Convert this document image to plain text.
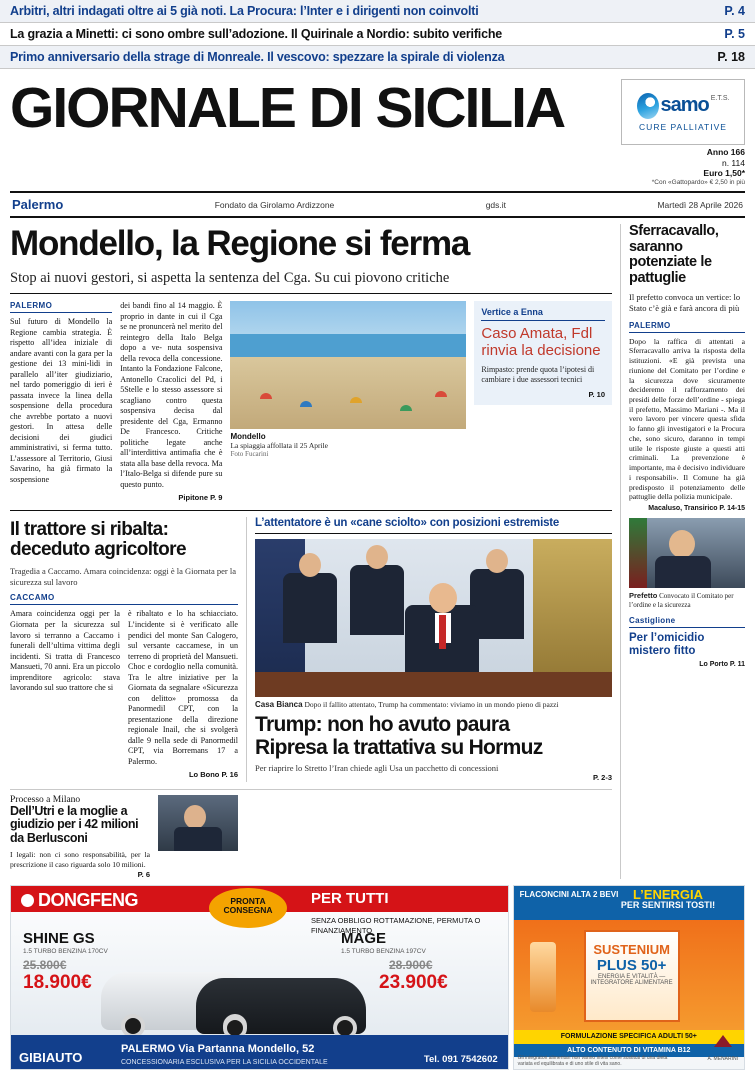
Arbitri, altri indagati oltre ai 5 già noti. La Procura: l’Inter e i dirigenti non coinvolti	P. 4
La grazia a Minetti: ci sono ombre sull’adozione. Il Quirinale a Nordio: subito verifiche	P. 5
Primo anniversario della strage di Monreale. Il vescovo: spezzare la spirale di violenza	P. 18
GIORNALE DI SICILIA	samo E.T.S.
CURE PALLIATIVE
Anno 166
n. 114
Euro 1,50*
*Con «Gattopardo» € 2,50 in più
Palermo	Fondato da Girolamo Ardizzone	gds.it	Martedì 28 Aprile 2026
Mondello, la Regione si ferma
Stop ai nuovi gestori, si aspetta la sentenza del Cga. Su cui piovono critiche
PALERMO
Sul futuro di Mondello la Regione cambia strategia. È rispetto all’idea iniziale di andare avanti con la gara per la gestione dei 13 mini-lidi in parallelo all’iter giudiziario, nel tardo pomeriggio di ieri è passata invece la linea della sospensione della procedura che avrebbe portato a nuovi gestori. In attesa delle decisioni dei giudici amministrativi, si ferma tutto. L’assessore al Territorio, Giusi Savarino, ha già firmato la sospensione
dei bandi fino al 14 maggio. È proprio in dante in cui il Cga se ne pronuncerà nel merito del reintegro della Italo Belga dopo a ve- nuta sospensiva della revoca della concessione. Intanto la Fondazione Falcone, Antonello Cracolici del Pd, i 5Stelle e lo stesso assessore si scagliano contro questa sospensiva decisa dal presidente del Cga, Ermanno De Francesco. Critiche politiche legate anche all’interdittiva antimafia che è stata alla base della revoca. Ma l’Italo-Belga si difende pure su questo punto.
Pipitone P. 9
Mondello
La spiaggia affollata il 25 Aprile
Foto Fucarini
Vertice a Enna
Caso Amata, Fdl rinvia la decisione
Rimpasto: prende quota l’ipotesi di cambiare i due assessori tecnici
P. 10
Il trattore si ribalta: deceduto agricoltore
Tragedia a Caccamo. Amara coincidenza: oggi è la Giornata per la sicurezza sul lavoro
CACCAMO
Amara coincidenza oggi per la Giornata per la sicurezza sul lavoro si terranno a Caccamo i funerali dell’ultima vittima degli incidenti. Si tratta di Francesco Mansueti, 70 anni. Era un piccolo imprenditore agricolo: stava lavorando sul suo trattore che si
è ribaltato e lo ha schiacciato. L’incidente si è verificato alle pendici del monte San Calogero, sul versante caccamese, in un terreno di proprietà del Mansueti. Choc e cordoglio nella comunità. Tra le altre iniziative per la Giornata da segnalare «Sicurezza con delitto» promossa da Panormedil CPT, con la presentazione della direzione regionale Inail, che si svolgerà dalle 9 nella sede di Panormedil CPT, via Borremans 17 a Palermo.
Lo Bono P. 16
L’attentatore è un «cane sciolto» con posizioni estremiste
Casa Bianca Dopo il fallito attentato, Trump ha commentato: viviamo in un mondo pieno di pazzi
Trump: non ho avuto paura
Ripresa la trattativa su Hormuz
Per riaprire lo Stretto l’Iran chiede agli Usa un pacchetto di concessioni
P. 2-3
Processo a Milano
Dell’Utri e la moglie a giudizio per i 42 milioni da Berlusconi
I legali: non ci sono responsabilità, per la prescrizione il caso riguarda solo 10 milioni.
P. 6
Sferracavallo, saranno potenziate le pattuglie
Il prefetto convoca un vertice: lo Stato c’è già e farà ancora di più
PALERMO
Dopo la raffica di attentati a Sferracavallo arriva la risposta della istituzioni. «E già prevista una riunione del Comitato per l’ordine e la sicurezza dove sicuramente decideremo il rafforzamento dei presidi delle forze dell’ordine - spiega il prefetto, Massimo Mariani -. Ma il vero lavoro per vincere questa sfida lo fanno gli investigatori e la Procura che, sono sicuro, daranno in tempi utile le risposte giuste a questi atti criminali. La prevenzione è importante, ma è decisivo individuare i responsabili». Il Comune ha già predisposto il potenziamento delle pattuglie della polizia municipale.
Macaluso, Transirico P. 14-15
Prefetto Convocato il Comitato per l’ordine e la sicurezza
Castiglione
Per l’omicidio mistero fitto
Lo Porto P. 11
DONGFENG	PRONTA CONSEGNA
PER TUTTI
SENZA OBBLIGO ROTTAMAZIONE, PERMUTA O FINANZIAMENTO
SHINE GS
1.5 TURBO BENZINA 170CV
25.800€
18.900€
MAGE
1.5 TURBO BENZINA 197CV
28.900€
23.900€
GIBIAUTO
PALERMO Via Partanna Mondello, 52
CONCESSIONARIA ESCLUSIVA PER LA SICILIA OCCIDENTALE	Tel. 091 7542602
FLACONCINI ALTA 2 BEVI	L’ENERGIA
PER SENTIRSI TOSTI!
SUSTENIUM
PLUS 50+
ENERGIA E VITALITÀ — INTEGRATORE ALIMENTARE
FORMULAZIONE SPECIFICA ADULTI 50+
ALTO CONTENUTO DI VITAMINA B12
Gli integratori alimentari non vanno intesi come sostituti di una dieta variata ed equilibrata e di uno stile di vita sano.
A. MENARINI
